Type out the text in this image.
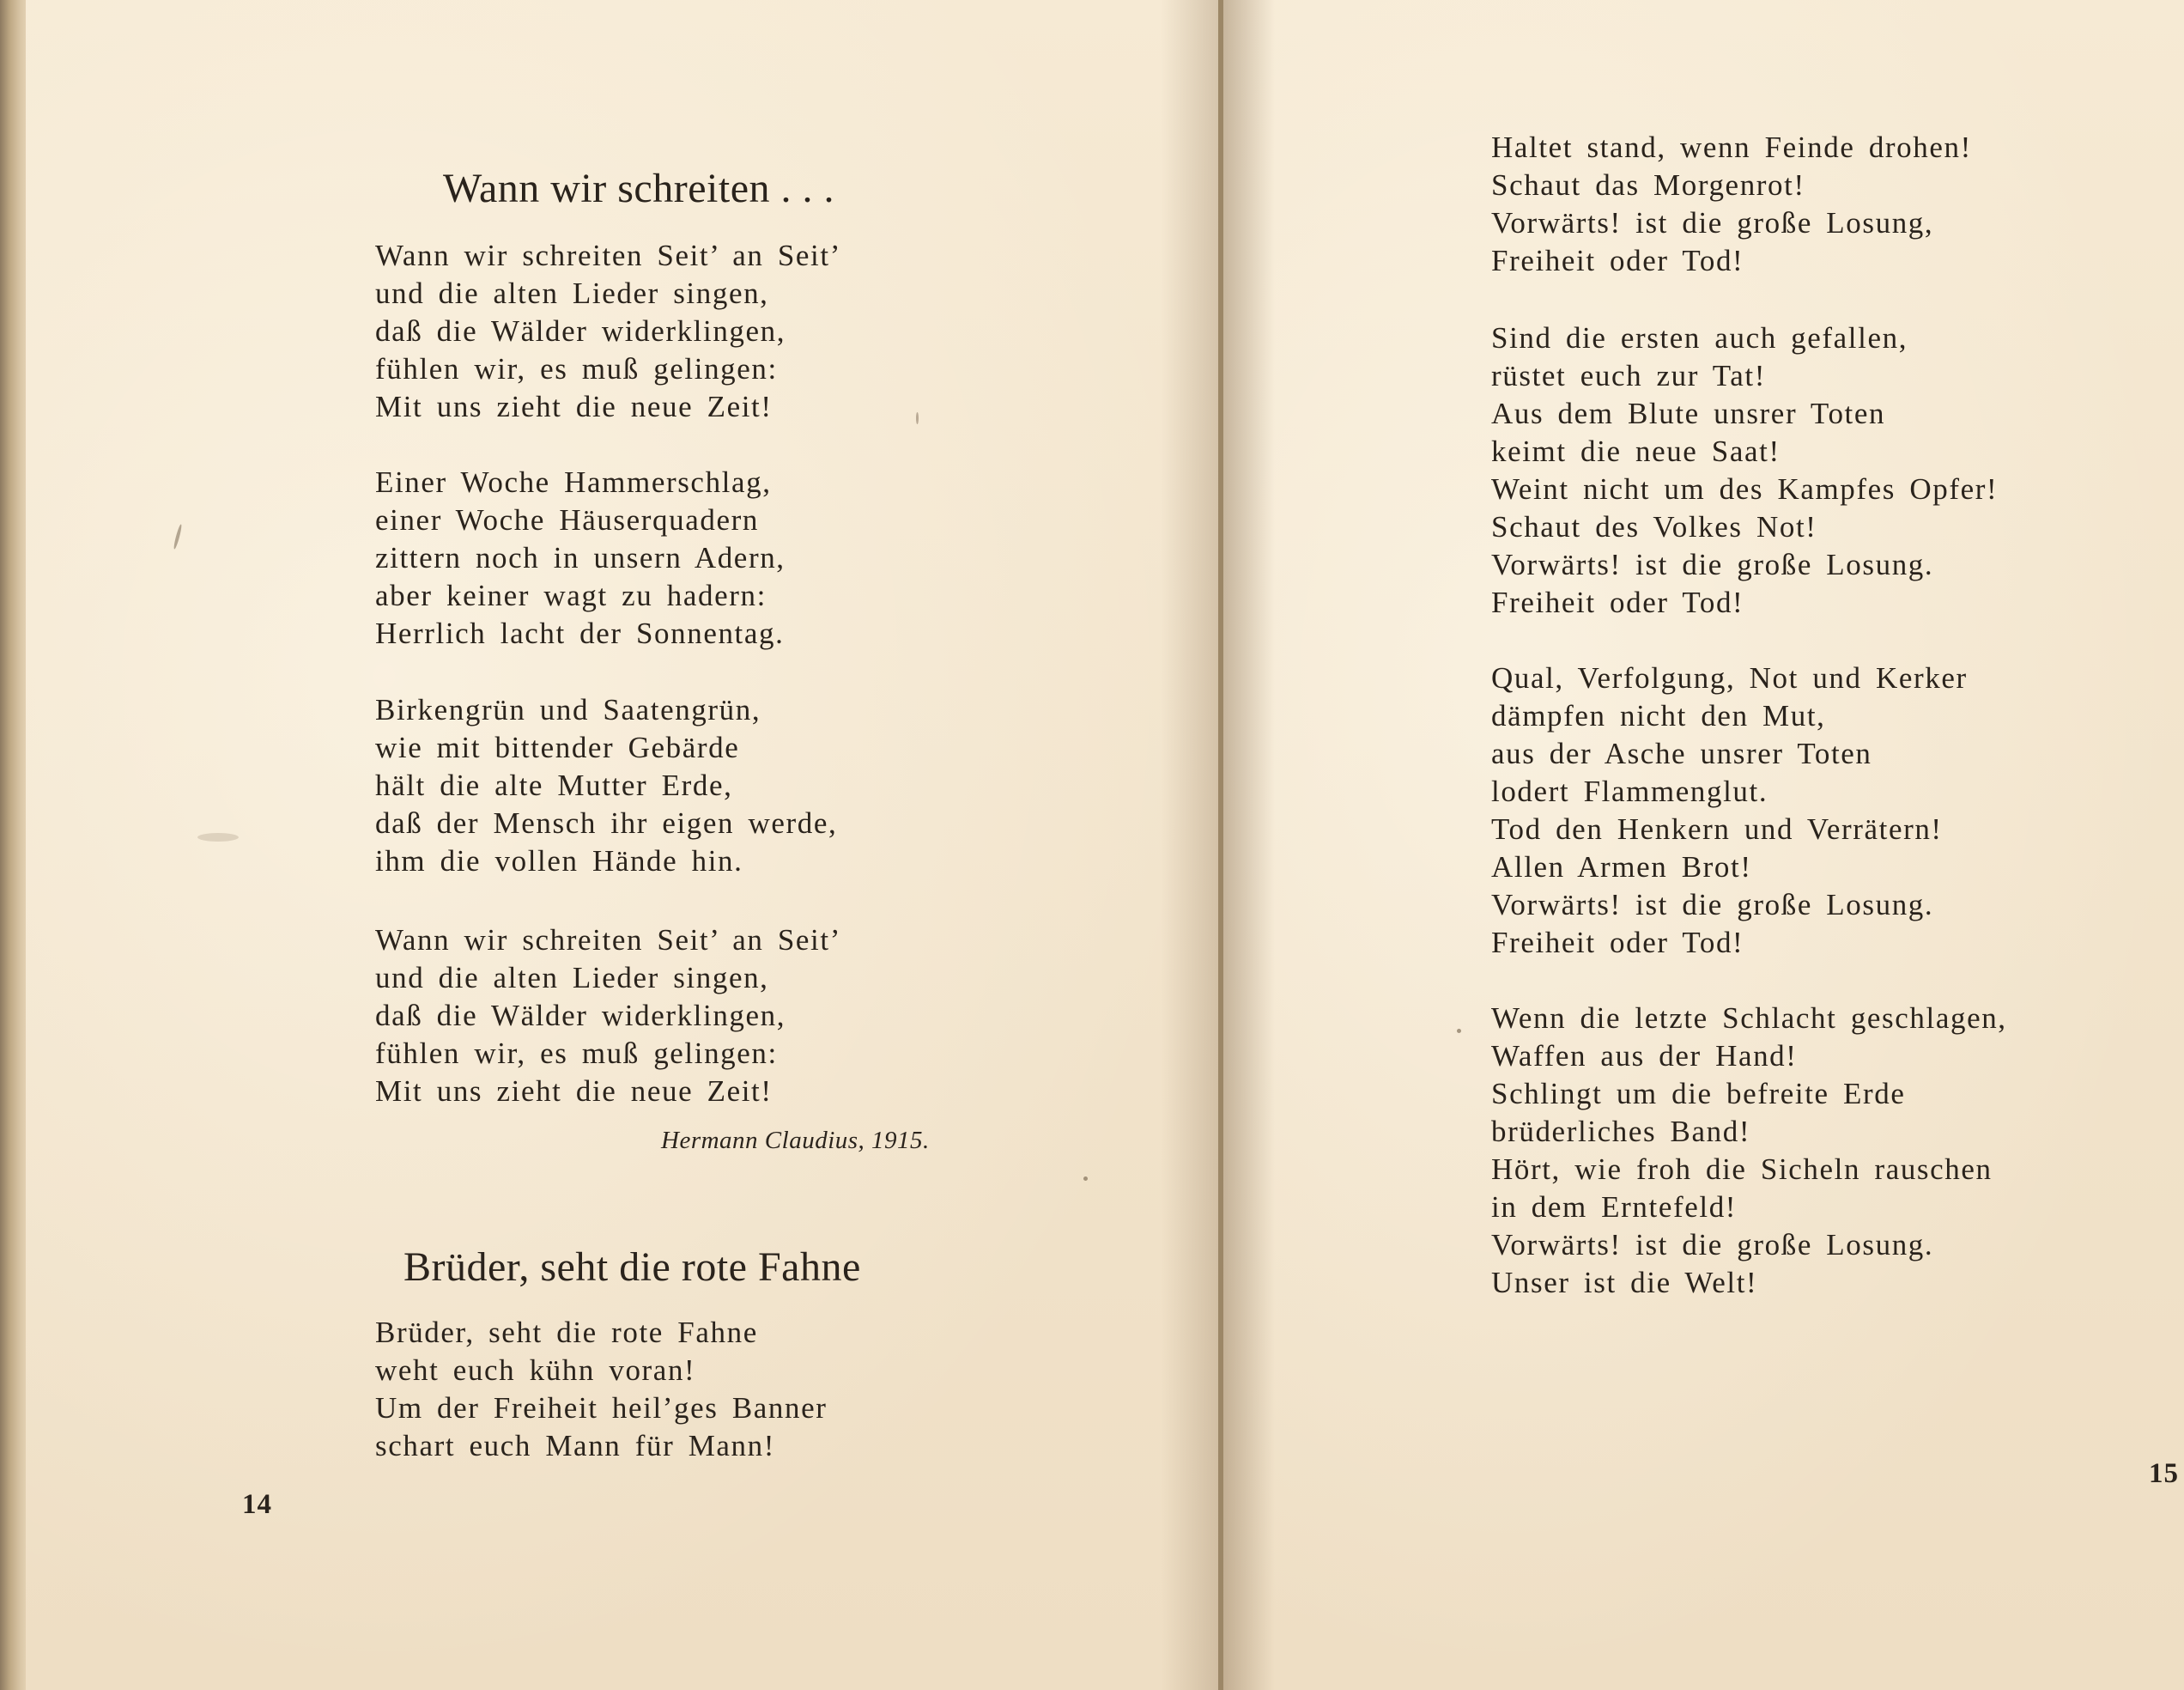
Wann wir schreiten . . .
Wann wir schreiten Seit’ an Seit’
und die alten Lieder singen,
daß die Wälder widerklingen,
fühlen wir, es muß gelingen:
Mit uns zieht die neue Zeit!
Einer Woche Hammerschlag,
einer Woche Häuserquadern
zittern noch in unsern Adern,
aber keiner wagt zu hadern:
Herrlich lacht der Sonnentag.
Birkengrün und Saatengrün,
wie mit bittender Gebärde
hält die alte Mutter Erde,
daß der Mensch ihr eigen werde,
ihm die vollen Hände hin.
Wann wir schreiten Seit’ an Seit’
und die alten Lieder singen,
daß die Wälder widerklingen,
fühlen wir, es muß gelingen:
Mit uns zieht die neue Zeit!

Hermann Claudius, 1915.

Brüder, seht die rote Fahne
Brüder, seht die rote Fahne
weht euch kühn voran!
Um der Freiheit heil’ges Banner
schart euch Mann für Mann!

14

Haltet stand, wenn Feinde drohen!
Schaut das Morgenrot!
Vorwärts! ist die große Losung,
Freiheit oder Tod!
Sind die ersten auch gefallen,
rüstet euch zur Tat!
Aus dem Blute unsrer Toten
keimt die neue Saat!
Weint nicht um des Kampfes Opfer!
Schaut des Volkes Not!
Vorwärts! ist die große Losung.
Freiheit oder Tod!
Qual, Verfolgung, Not und Kerker
dämpfen nicht den Mut,
aus der Asche unsrer Toten
lodert Flammenglut.
Tod den Henkern und Verrätern!
Allen Armen Brot!
Vorwärts! ist die große Losung.
Freiheit oder Tod!
Wenn die letzte Schlacht geschlagen,
Waffen aus der Hand!
Schlingt um die befreite Erde
brüderliches Band!
Hört, wie froh die Sicheln rauschen
in dem Erntefeld!
Vorwärts! ist die große Losung.
Unser ist die Welt!

15
